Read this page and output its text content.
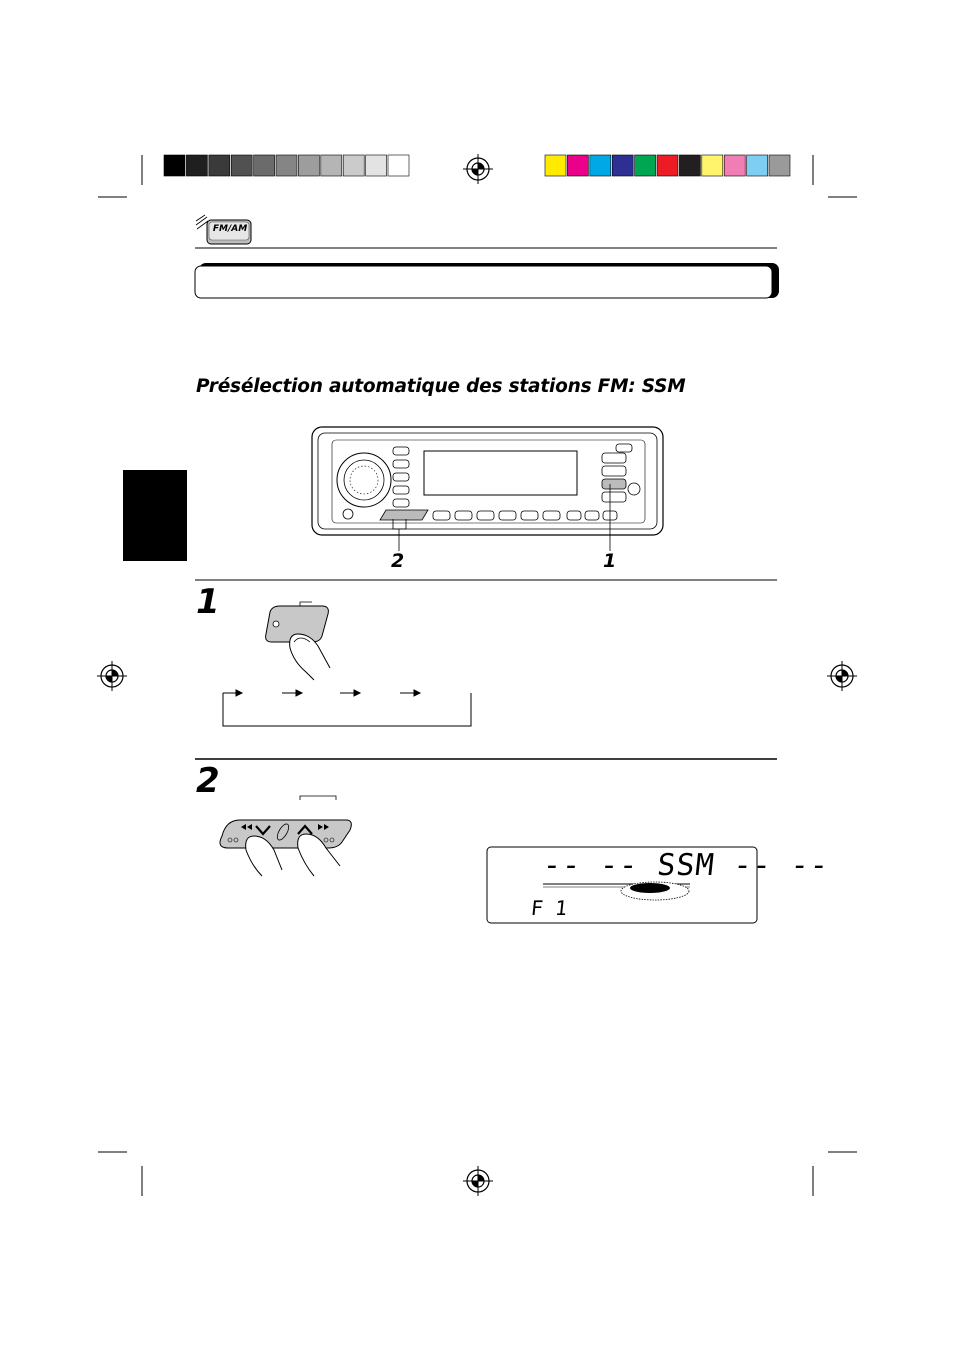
FM/AM
Présélection automatique des stations FM: SSM
2	1
1
2
-- -- SSM -- --
F 1
